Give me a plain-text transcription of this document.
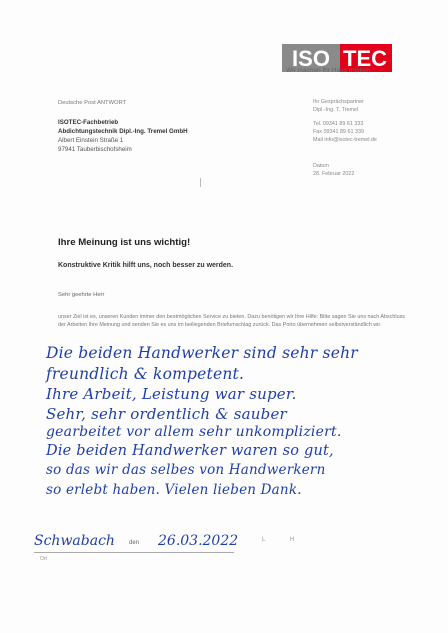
ISO TEC
Wir machen Ihr Haus trocken
Deutsche Post ANTWORT
ISOTEC-Fachbetrieb
Abdichtungstechnik Dipl.-Ing. Tremel GmbH
Albert Einstein Straße 1
97941 Tauberbischofsheim
Ihr Gesprächspartner
Dipl.-Ing. T. Tremel
Tel. 09341 89 61 333
Fax 09341 89 61 339
Mail info@isotec-tremel.de
Datum
28. Februar 2022
Ihre Meinung ist uns wichtig!
Konstruktive Kritik hilft uns, noch besser zu werden.
Sehr geehrte Herr
unser Ziel ist es, unseren Kunden immer den bestmöglichen Service zu bieten. Dazu benötigen wir Ihre Hilfe: Bitte sagen Sie uns nach Abschluss der Arbeiten Ihre Meinung und senden Sie es uns im beiliegenden Briefumschlag zurück. Das Porto übernehmen selbstverständlich wir.
Die beiden Handwerker sind sehr sehr
freundlich & kompetent.
Ihre Arbeit, Leistung war super.
Sehr, sehr ordentlich & sauber
gearbeitet vor allem sehr unkompliziert.
Die beiden Handwerker waren so gut,
so das wir das selbes von Handwerkern
so erlebt haben. Vielen lieben Dank.
Schwabach den 26.03.2022
Ort
L	H
